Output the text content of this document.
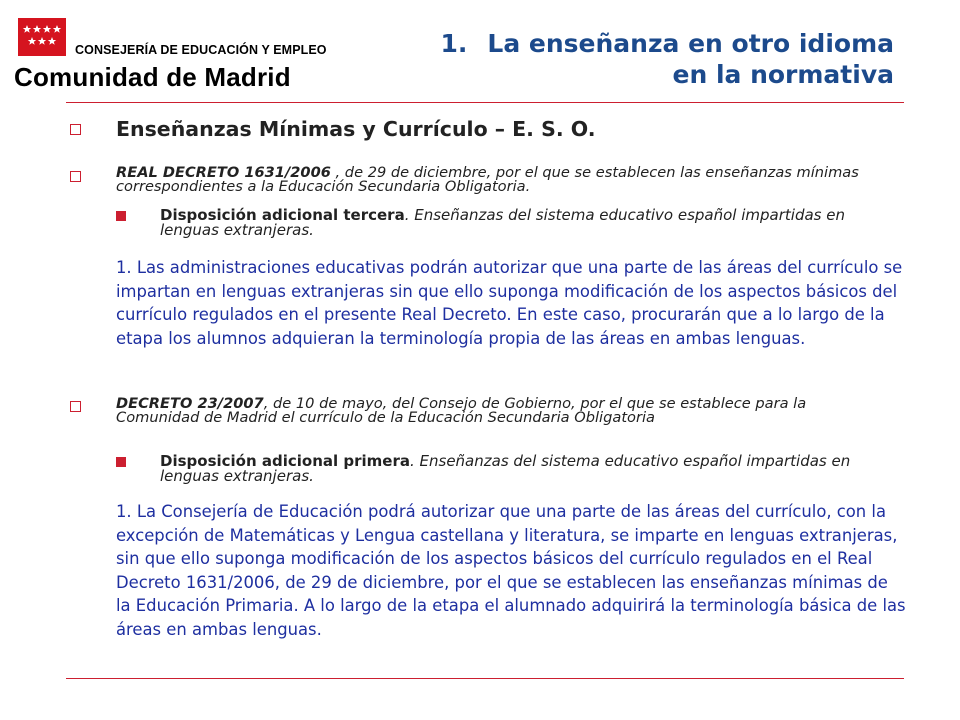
CONSEJERÍA DE EDUCACIÓN Y EMPLEO
Comunidad de Madrid
1. La enseñanza en otro idioma
en la normativa
Enseñanzas Mínimas y Currículo – E. S. O.
REAL DECRETO 1631/2006 , de 29 de diciembre, por el que se establecen las enseñanzas mínimas correspondientes a la Educación Secundaria Obligatoria.
Disposición adicional tercera. Enseñanzas del sistema educativo español impartidas en lenguas extranjeras.
1. Las administraciones educativas podrán autorizar que una parte de las áreas del currículo se impartan en lenguas extranjeras sin que ello suponga modificación de los aspectos básicos del currículo regulados en el presente Real Decreto. En este caso, procurarán que a lo largo de la etapa los alumnos adquieran la terminología propia de las áreas en ambas lenguas.
DECRETO 23/2007, de 10 de mayo, del Consejo de Gobierno, por el que se establece para la Comunidad de Madrid el currículo de la Educación Secundaria Obligatoria
Disposición adicional primera. Enseñanzas del sistema educativo español impartidas en lenguas extranjeras.
1. La Consejería de Educación podrá autorizar que una parte de las áreas del currículo, con la excepción de Matemáticas y Lengua castellana y literatura, se imparte en lenguas extranjeras, sin que ello suponga modificación de los aspectos básicos del currículo regulados en el Real Decreto 1631/2006, de 29 de diciembre, por el que se establecen las enseñanzas mínimas de la Educación Primaria. A lo largo de la etapa el alumnado adquirirá la terminología básica de las áreas en ambas lenguas.
